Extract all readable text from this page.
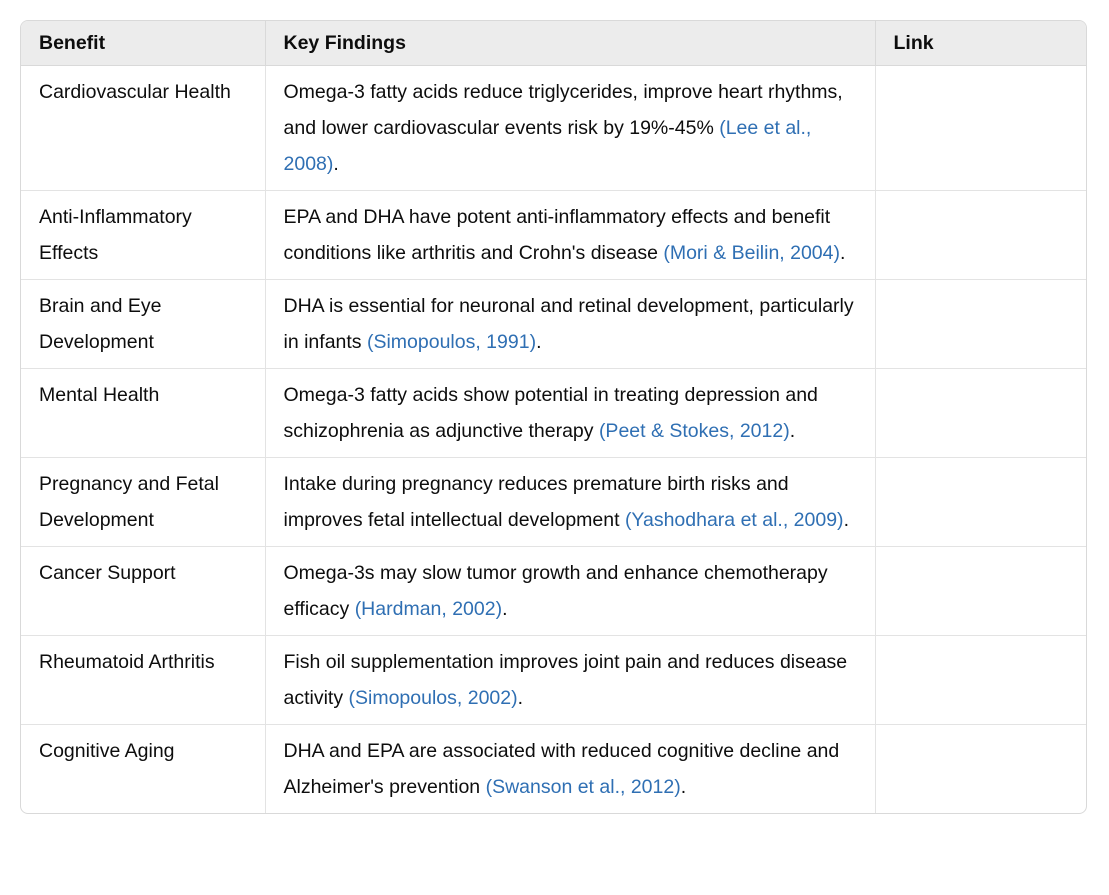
Benefit	Key Findings	Link
Cardiovascular Health	Omega-3 fatty acids reduce triglycerides, improve heart rhythms, and lower cardiovascular events risk by 19%-45% (Lee et al., 2008).	
Anti-Inflammatory Effects	EPA and DHA have potent anti-inflammatory effects and benefit conditions like arthritis and Crohn's disease (Mori & Beilin, 2004).	
Brain and Eye Development	DHA is essential for neuronal and retinal development, particularly in infants (Simopoulos, 1991).	
Mental Health	Omega-3 fatty acids show potential in treating depression and schizophrenia as adjunctive therapy (Peet & Stokes, 2012).	
Pregnancy and Fetal Development	Intake during pregnancy reduces premature birth risks and improves fetal intellectual development (Yashodhara et al., 2009).	
Cancer Support	Omega-3s may slow tumor growth and enhance chemotherapy efficacy (Hardman, 2002).	
Rheumatoid Arthritis	Fish oil supplementation improves joint pain and reduces disease activity (Simopoulos, 2002).	
Cognitive Aging	DHA and EPA are associated with reduced cognitive decline and Alzheimer's prevention (Swanson et al., 2012).	
